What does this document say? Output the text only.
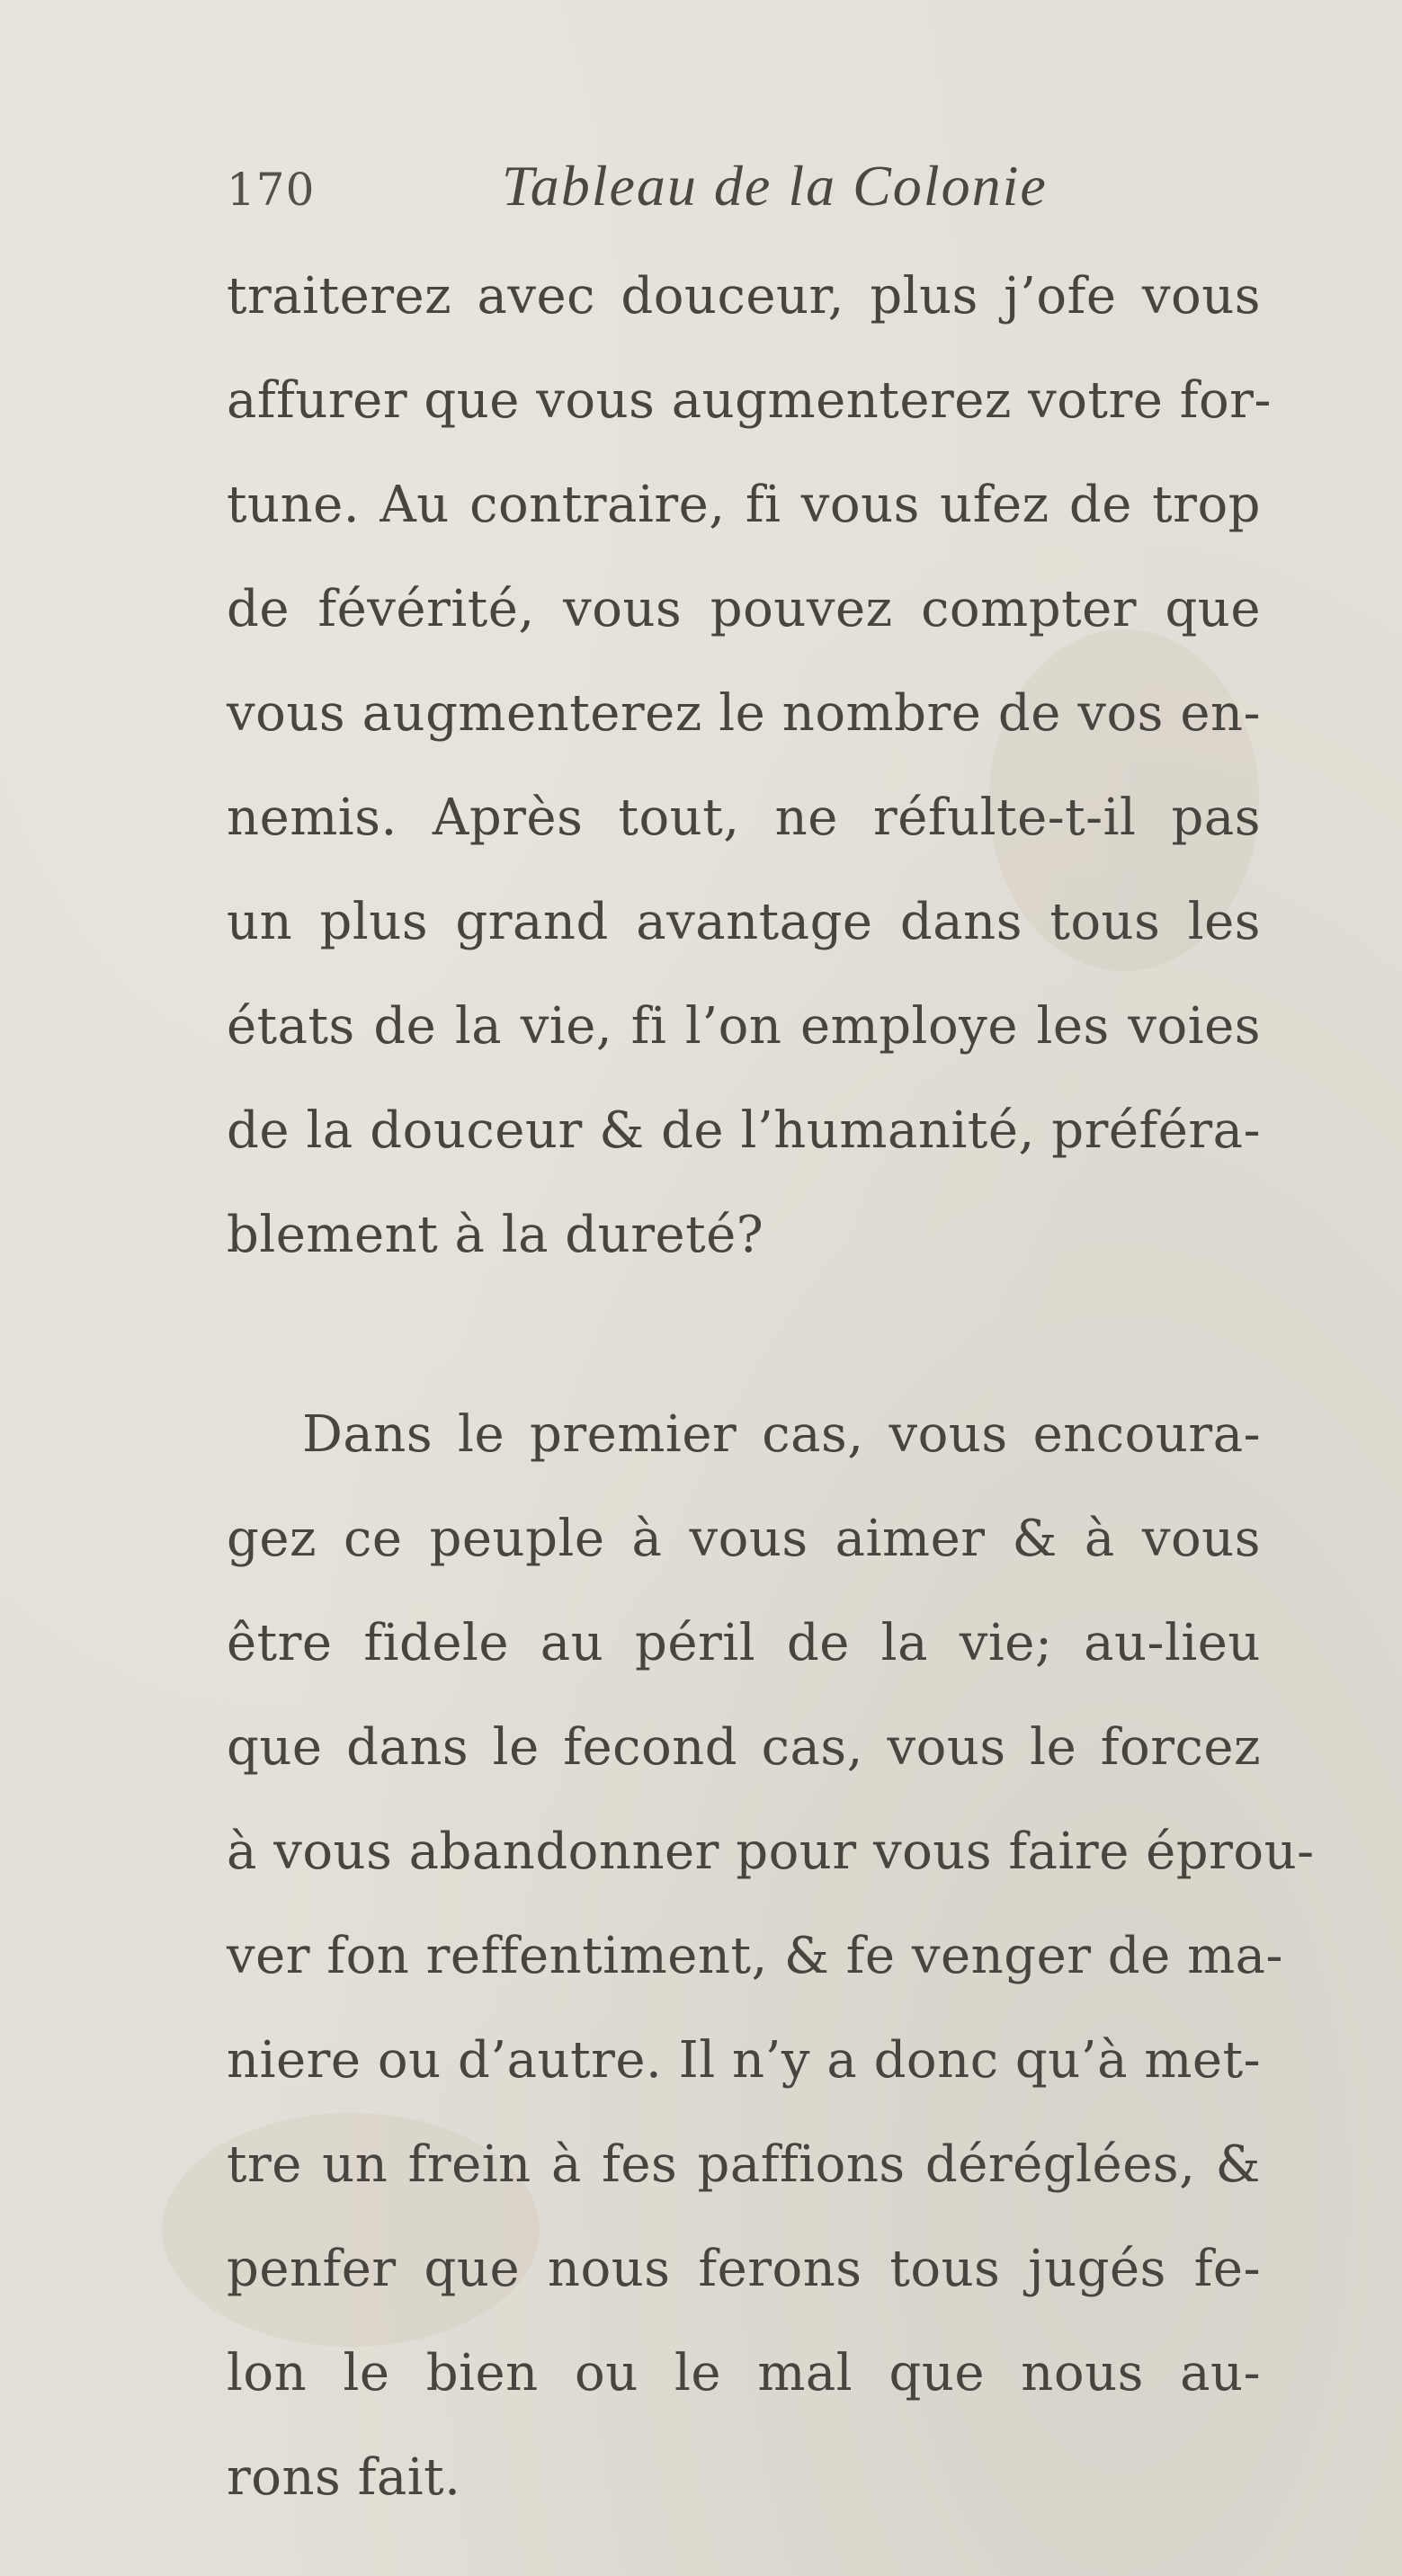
170	Tableau de la Colonie
traiterez avec douceur, plus j’ofe vous
affurer que vous augmenterez votre for-
tune. Au contraire, fi vous ufez de trop
de févérité, vous pouvez compter que
vous augmenterez le nombre de vos en-
nemis. Après tout, ne réfulte-t-il pas
un plus grand avantage dans tous les
états de la vie, fi l’on employe les voies
de la douceur & de l’humanité, préféra-
blement à la dureté?
Dans le premier cas, vous encoura-
gez ce peuple à vous aimer & à vous
être fidele au péril de la vie; au-lieu
que dans le fecond cas, vous le forcez
à vous abandonner pour vous faire éprou-
ver fon reffentiment, & fe venger de ma-
niere ou d’autre. Il n’y a donc qu’à met-
tre un frein à fes paffions déréglées, &
penfer que nous ferons tous jugés fe-
lon le bien ou le mal que nous au-
rons fait.
